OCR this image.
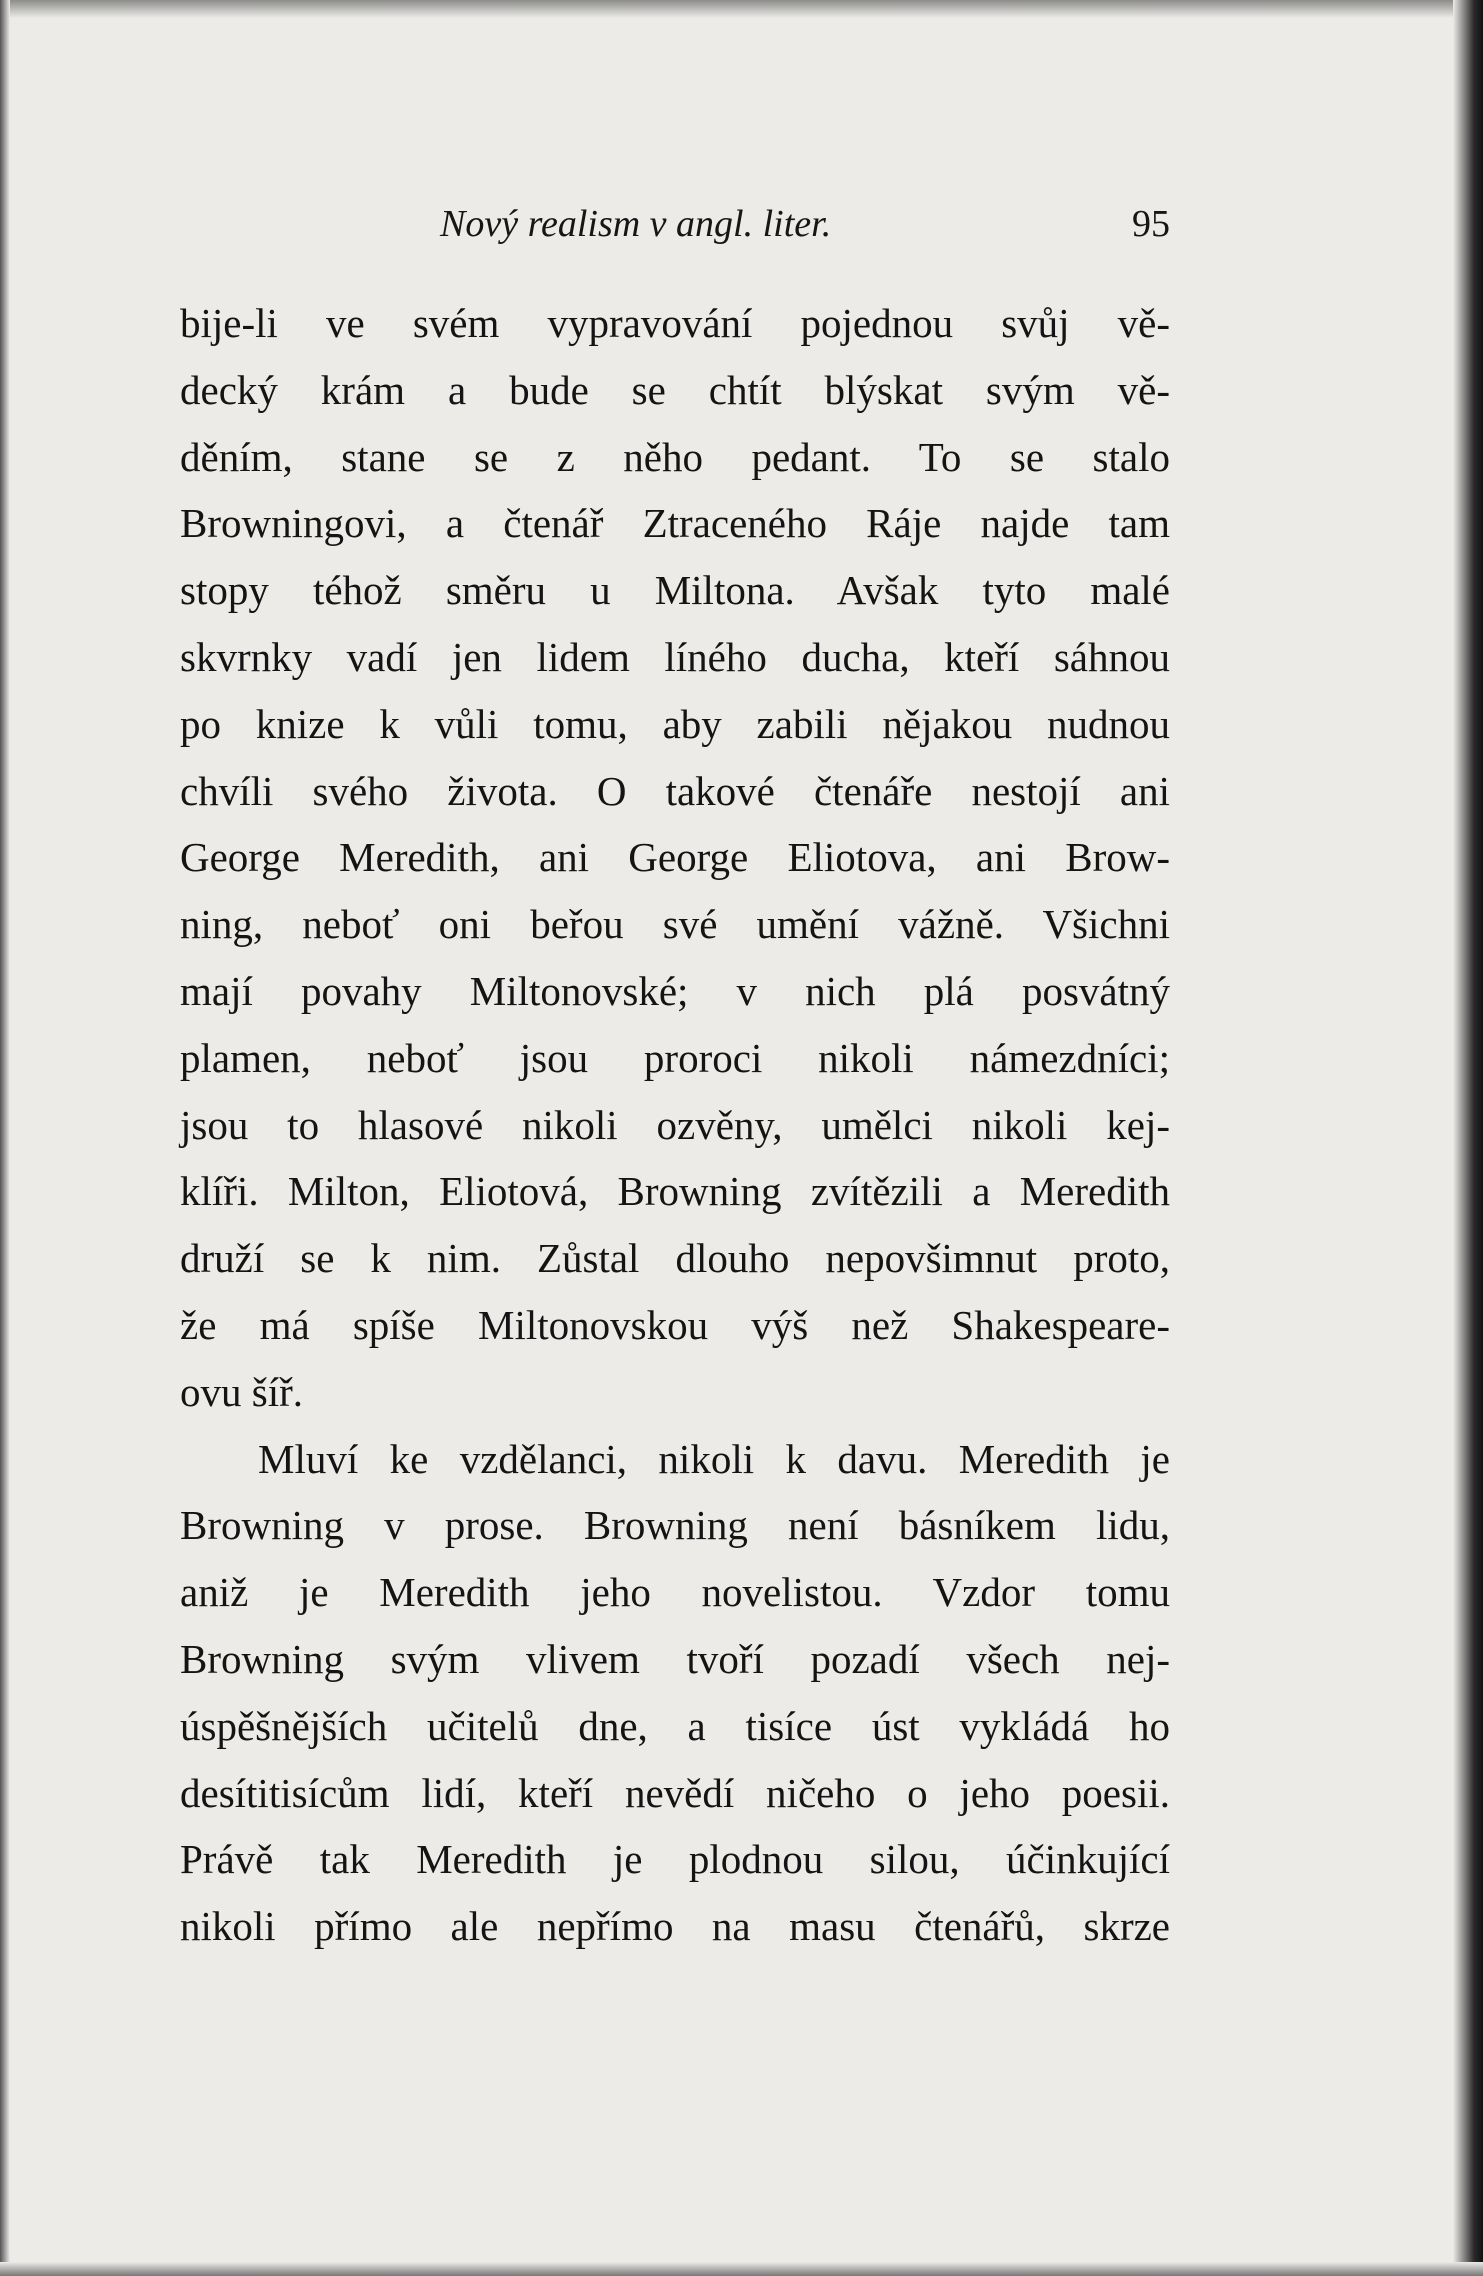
Nový realism v angl. liter.	95
bije-li ve svém vypravování pojednou svůj vě-
decký krám a bude se chtít blýskat svým vě-
děním, stane se z něho pedant. To se stalo
Browningovi, a čtenář Ztraceného Ráje najde tam
stopy téhož směru u Miltona. Avšak tyto malé
skvrnky vadí jen lidem líného ducha, kteří sáhnou
po knize k vůli tomu, aby zabili nějakou nudnou
chvíli svého života. O takové čtenáře nestojí ani
George Meredith, ani George Eliotova, ani Brow-
ning, neboť oni beřou své umění vážně. Všichni
mají povahy Miltonovské; v nich plá posvátný
plamen, neboť jsou proroci nikoli námezdníci;
jsou to hlasové nikoli ozvěny, umělci nikoli kej-
klíři. Milton, Eliotová, Browning zvítězili a Meredith
druží se k nim. Zůstal dlouho nepovšimnut proto,
že má spíše Miltonovskou výš než Shakespeare-
ovu šíř.
Mluví ke vzdělanci, nikoli k davu. Meredith je
Browning v prose. Browning není básníkem lidu,
aniž je Meredith jeho novelistou. Vzdor tomu
Browning svým vlivem tvoří pozadí všech nej-
úspěšnějších učitelů dne, a tisíce úst vykládá ho
desítitisícům lidí, kteří nevědí ničeho o jeho poesii.
Právě tak Meredith je plodnou silou, účinkující
nikoli přímo ale nepřímo na masu čtenářů, skrze
